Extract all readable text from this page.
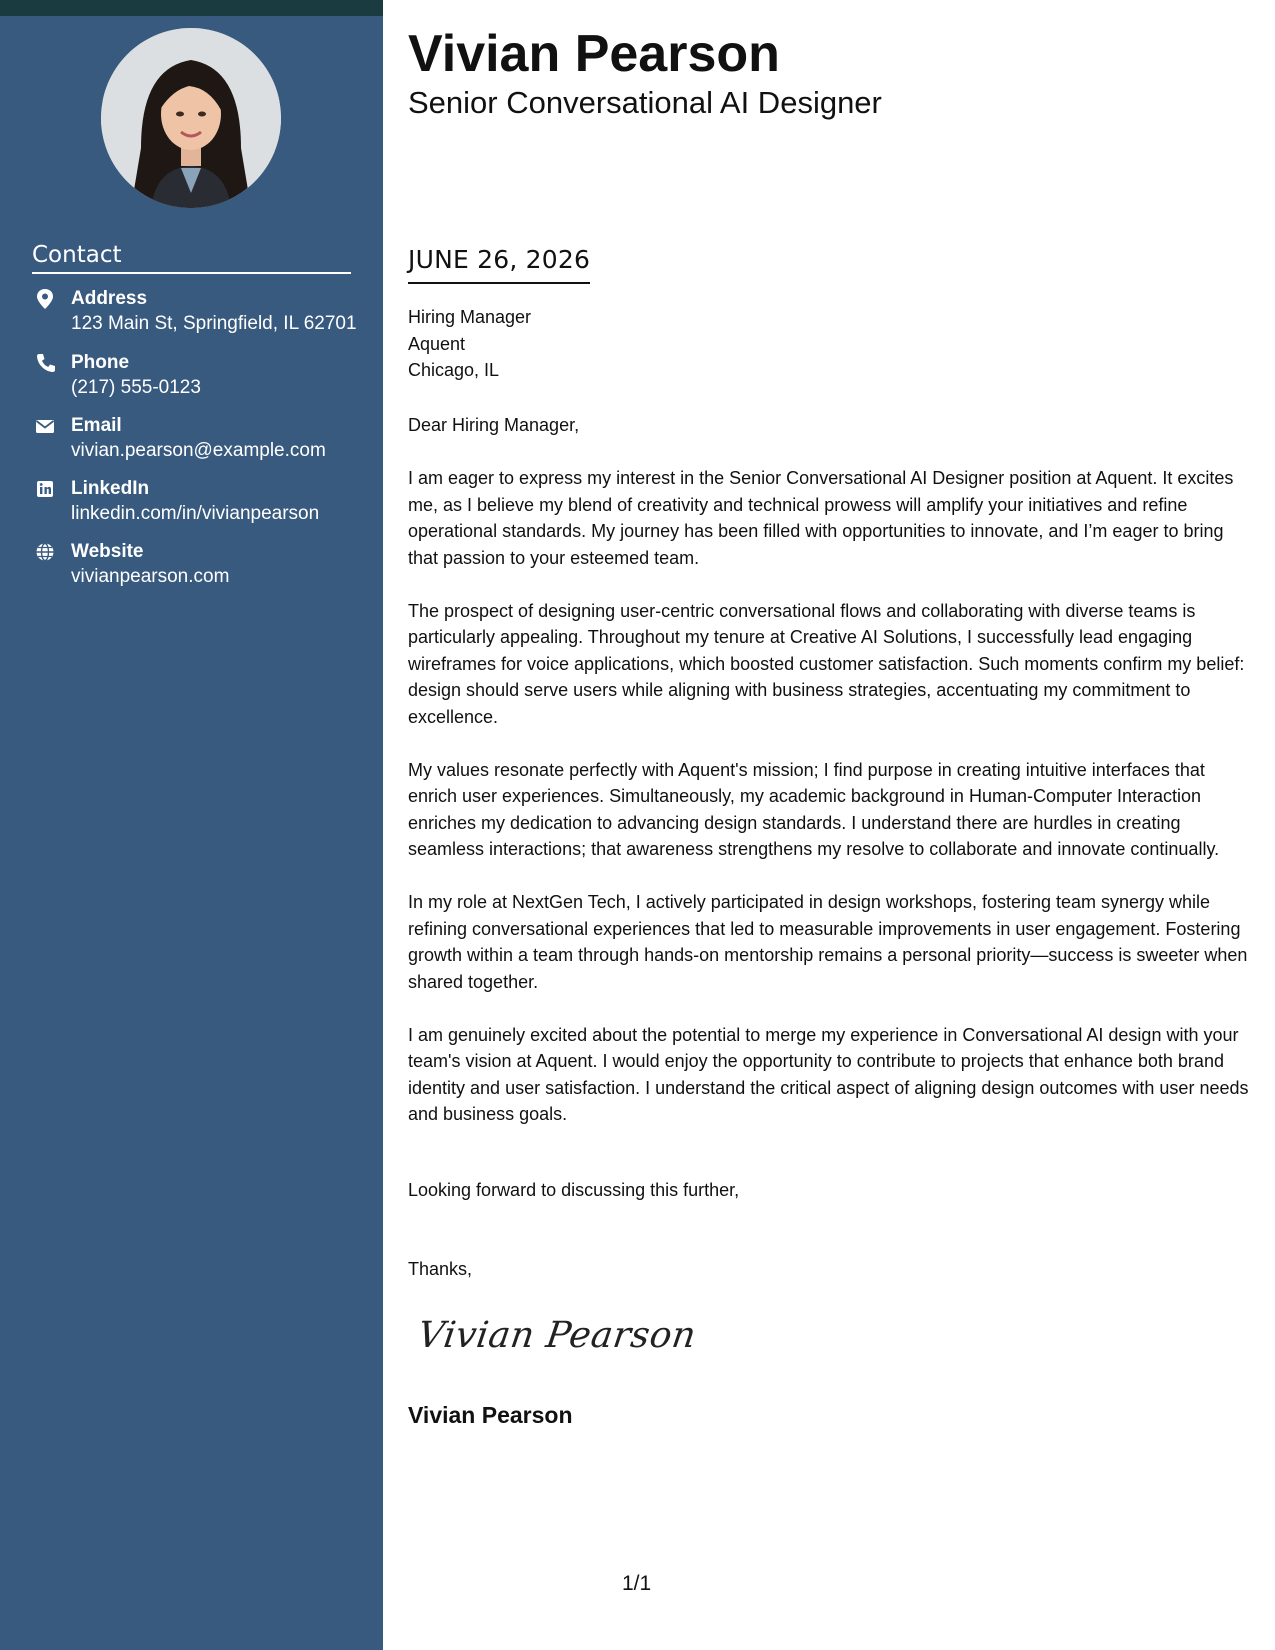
Contact
Address
123 Main St, Springfield, IL 62701
Phone
(217) 555-0123
Email
vivian.pearson@example.com
LinkedIn
linkedin.com/in/vivianpearson
Website
vivianpearson.com
Vivian Pearson
Senior Conversational AI Designer
JUNE 26, 2026
Hiring Manager
Aquent
Chicago, IL
Dear Hiring Manager,

I am eager to express my interest in the Senior Conversational AI Designer position at Aquent. It excites me, as I believe my blend of creativity and technical prowess will amplify your initiatives and refine operational standards. My journey has been filled with opportunities to innovate, and I’m eager to bring that passion to your esteemed team.

The prospect of designing user-centric conversational flows and collaborating with diverse teams is particularly appealing. Throughout my tenure at Creative AI Solutions, I successfully lead engaging wireframes for voice applications, which boosted customer satisfaction. Such moments confirm my belief: design should serve users while aligning with business strategies, accentuating my commitment to excellence.

My values resonate perfectly with Aquent's mission; I find purpose in creating intuitive interfaces that enrich user experiences. Simultaneously, my academic background in Human-Computer Interaction enriches my dedication to advancing design standards. I understand there are hurdles in creating seamless interactions; that awareness strengthens my resolve to collaborate and innovate continually.

In my role at NextGen Tech, I actively participated in design workshops, fostering team synergy while refining conversational experiences that led to measurable improvements in user engagement. Fostering growth within a team through hands-on mentorship remains a personal priority—success is sweeter when shared together.

I am genuinely excited about the potential to merge my experience in Conversational AI design with your team's vision at Aquent. I would enjoy the opportunity to contribute to projects that enhance both brand identity and user satisfaction. I understand the critical aspect of aligning design outcomes with user needs and business goals.

Looking forward to discussing this further,
Thanks,
Vivian Pearson
Vivian Pearson
1/1
